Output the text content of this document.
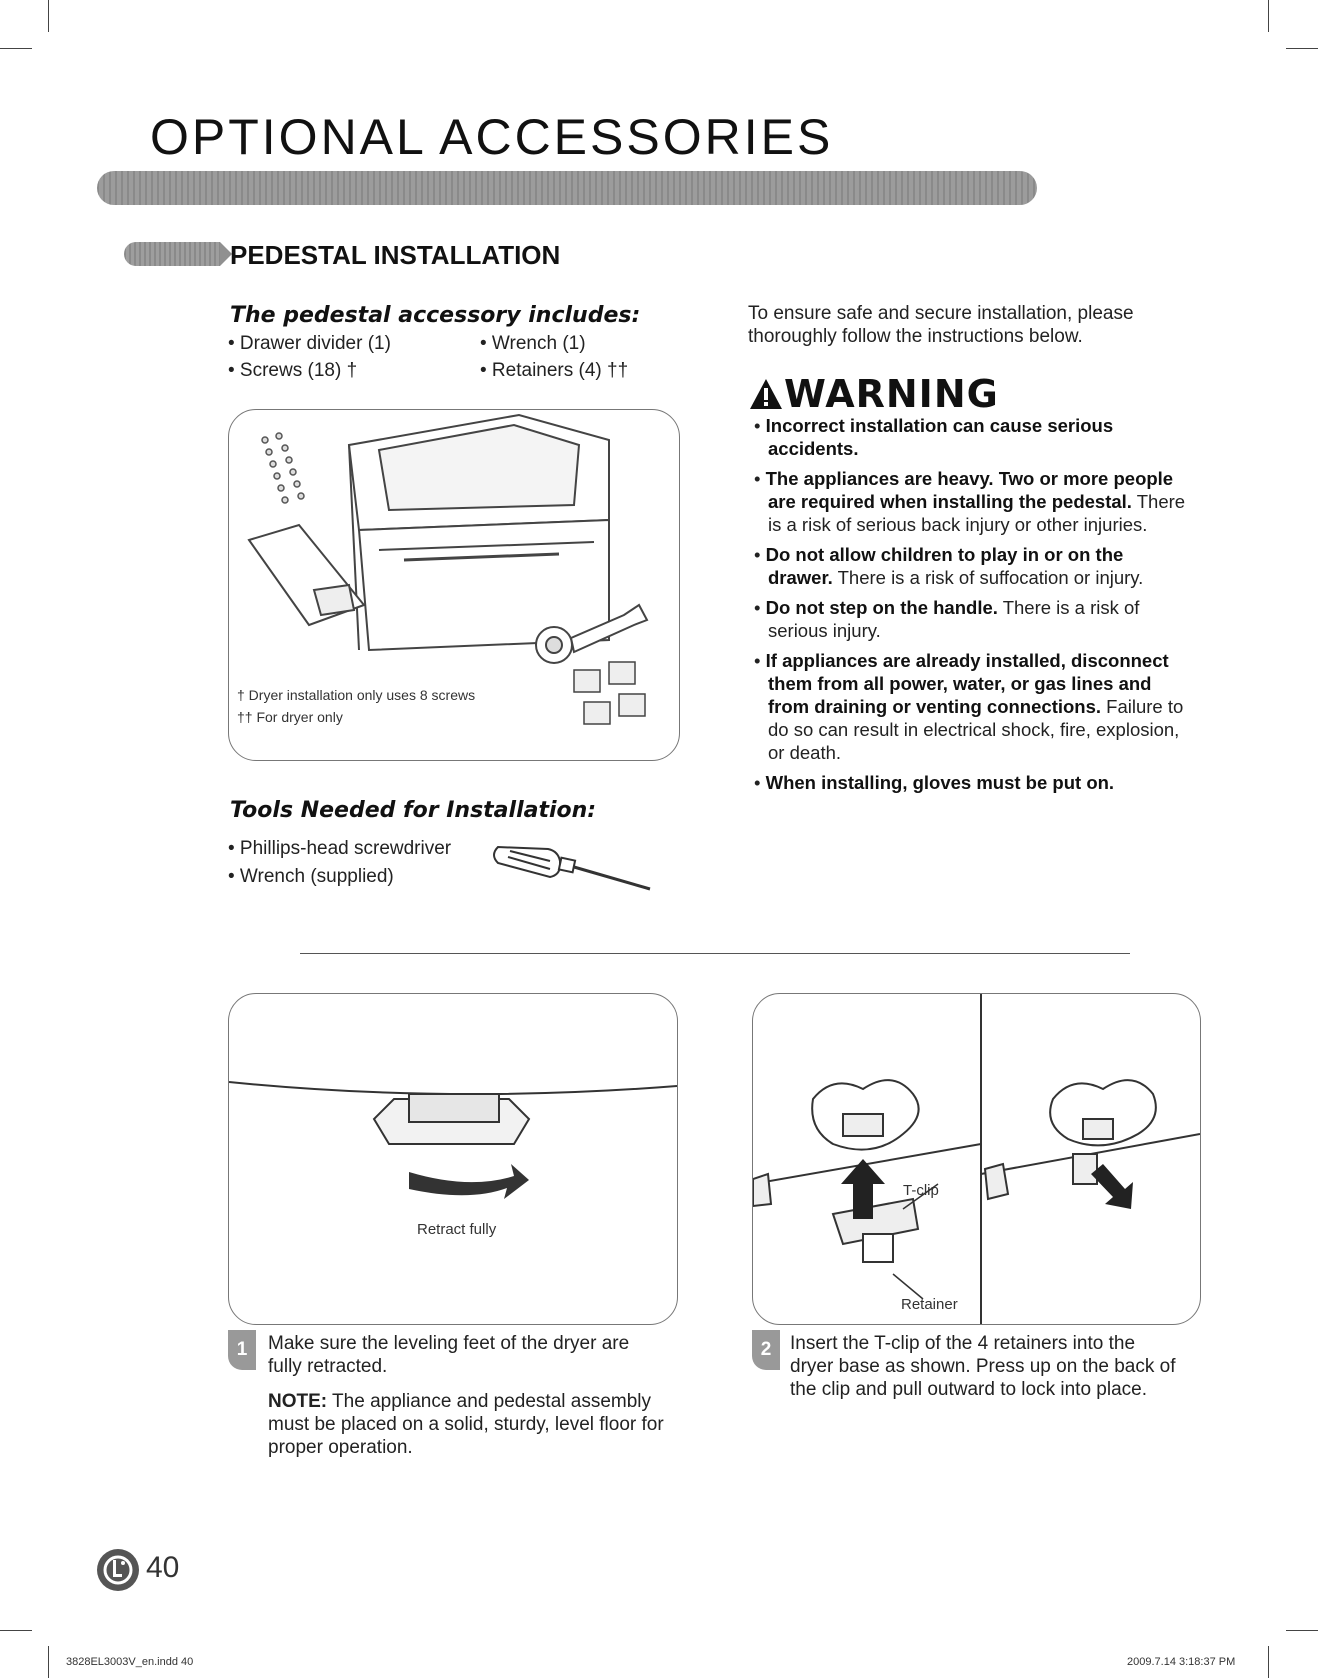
OPTIONAL ACCESSORIES
PEDESTAL INSTALLATION
The pedestal accessory includes:
• Drawer divider (1)	• Wrench (1)
• Screws (18) †	• Retainers (4) ††
† Dryer installation only uses 8 screws
†† For dryer only
Tools Needed for Installation:
• Phillips-head screwdriver
• Wrench (supplied)
To ensure safe and secure installation, please thoroughly follow the instructions below.
WARNING
• Incorrect installation can cause serious accidents.
• The appliances are heavy. Two or more people are required when installing the pedestal. There is a risk of serious back injury or other injuries.
• Do not allow children to play in or on the drawer. There is a risk of suffocation or injury.
• Do not step on the handle. There is a risk of serious injury.
• If appliances are already installed, disconnect them from all power, water, or gas lines and from draining or venting connections. Failure to do so can result in electrical shock, fire, explosion, or death.
• When installing, gloves must be put on.
Retract fully
1	Make sure the leveling feet of the dryer are fully retracted.
NOTE: The appliance and pedestal assembly must be placed on a solid, sturdy, level floor for proper operation.
T-clip
Retainer
2 Insert the T-clip of the 4 retainers into the dryer base as shown. Press up on the back of the clip and pull outward to lock into place.
40
3828EL3003V_en.indd 40	2009.7.14 3:18:37 PM
